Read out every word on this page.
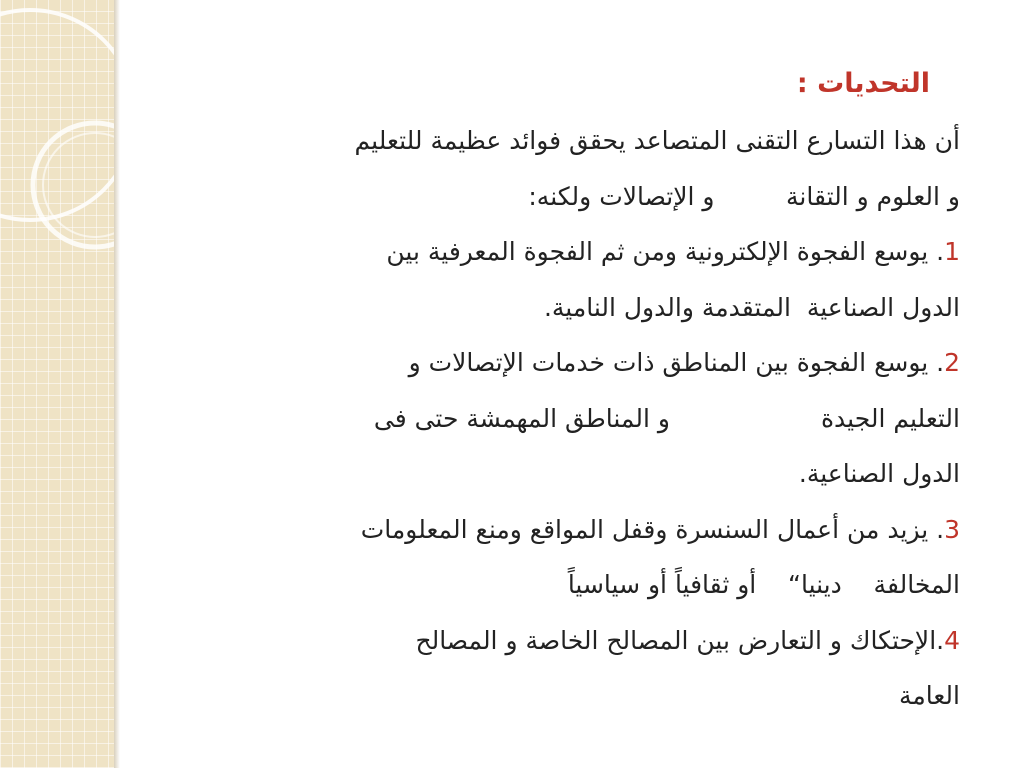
التحديات :
أن هذا التسارع التقنى المتصاعد يحقق فوائد عظيمة للتعليم
و العلوم و التقانة         و الإتصالات ولكنه:
1. يوسع الفجوة الإلكترونية ومن ثم الفجوة المعرفية بين
الدول الصناعية  المتقدمة والدول النامية.
2. يوسع الفجوة بين المناطق ذات خدمات الإتصالات و
التعليم الجيدة                   و المناطق المهمشة حتى فى
الدول الصناعية.
3. يزيد من أعمال السنسرة وقفل المواقع ومنع المعلومات
المخالفة    دينيا“    أو ثقافياً أو سياسياً
4.الإحتكاك و التعارض بين المصالح الخاصة و المصالح
العامة
